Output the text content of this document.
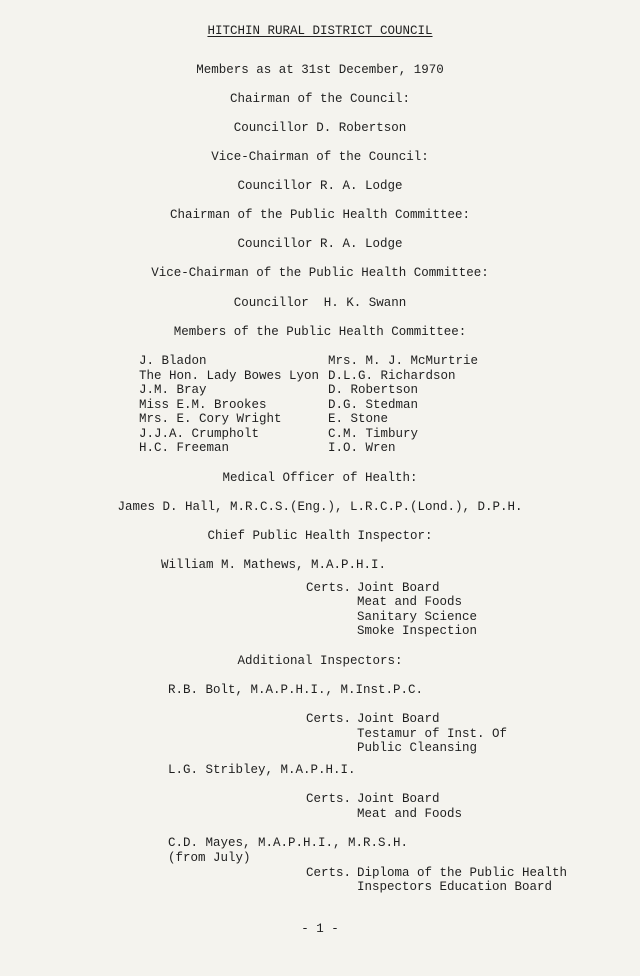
HITCHIN RURAL DISTRICT COUNCIL
Members as at 31st December, 1970
Chairman of the Council:
Councillor D. Robertson
Vice-Chairman of the Council:
Councillor R. A. Lodge
Chairman of the Public Health Committee:
Councillor R. A. Lodge
Vice-Chairman of the Public Health Committee:
Councillor  H. K. Swann
Members of the Public Health Committee:
J. Bladon
The Hon. Lady Bowes Lyon
J.M. Bray
Miss E.M. Brookes
Mrs. E. Cory Wright
J.J.A. Crumpholt
H.C. Freeman
Mrs. M. J. McMurtrie
D.L.G. Richardson
D. Robertson
D.G. Stedman
E. Stone
C.M. Timbury
I.O. Wren
Medical Officer of Health:
James D. Hall, M.R.C.S.(Eng.), L.R.C.P.(Lond.), D.P.H.
Chief Public Health Inspector:
William M. Mathews, M.A.P.H.I.
Certs. Joint Board
Meat and Foods
Sanitary Science
Smoke Inspection
Additional Inspectors:
R.B. Bolt, M.A.P.H.I., M.Inst.P.C.
Certs. Joint Board
Testamur of Inst. Of
Public Cleansing
L.G. Stribley, M.A.P.H.I.
Certs. Joint Board
Meat and Foods
C.D. Mayes, M.A.P.H.I., M.R.S.H.
(from July)
Certs. Diploma of the Public Health
Inspectors Education Board
- 1 -
